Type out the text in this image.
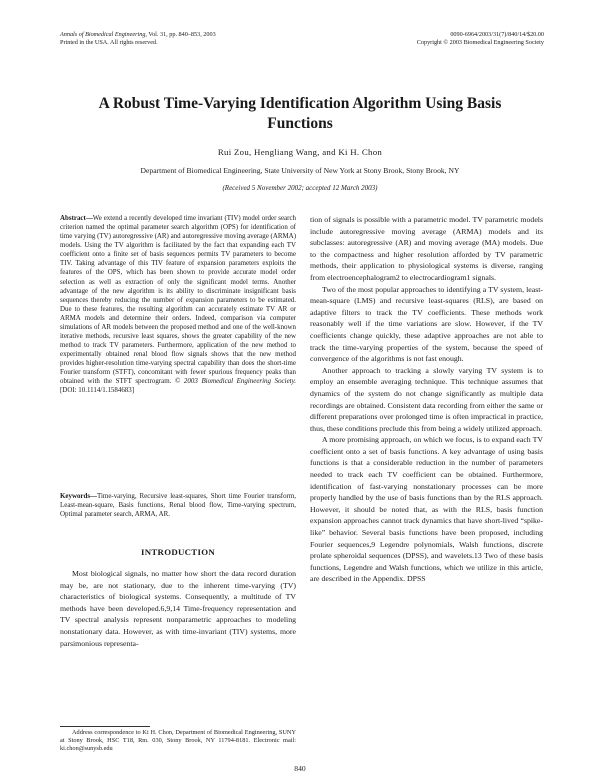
Annals of Biomedical Engineering, Vol. 31, pp. 840–853, 2003
Printed in the USA. All rights reserved.
0090-6964/2003/31(7)/840/14/$20.00
Copyright © 2003 Biomedical Engineering Society
A Robust Time-Varying Identification Algorithm Using Basis
Functions
Rui Zou, Hengliang Wang, and Ki H. Chon
Department of Biomedical Engineering, State University of New York at Stony Brook, Stony Brook, NY
(Received 5 November 2002; accepted 12 March 2003)
Abstract—We extend a recently developed time invariant (TIV) model order search criterion named the optimal parameter search algorithm (OPS) for identification of time varying (TV) autoregressive (AR) and autoregressive moving average (ARMA) models. Using the TV algorithm is facilitated by the fact that expanding each TV coefficient onto a finite set of basis sequences permits TV parameters to become TIV. Taking advantage of this TIV feature of expansion parameters exploits the features of the OPS, which has been shown to provide accurate model order selection as well as extraction of only the significant model terms. Another advantage of the new algorithm is its ability to discriminate insignificant basis sequences thereby reducing the number of expansion parameters to be estimated. Due to these features, the resulting algorithm can accurately estimate TV AR or ARMA models and determine their orders. Indeed, comparison via computer simulations of AR models between the proposed method and one of the well-known iterative methods, recursive least squares, shows the greater capability of the new method to track TV parameters. Furthermore, application of the new method to experimentally obtained renal blood flow signals shows that the new method provides higher-resolution time-varying spectral capability than does the short-time Fourier transform (STFT), concomitant with fewer spurious frequency peaks than obtained with the STFT spectrogram. © 2003 Biomedical Engineering Society. [DOI: 10.1114/1.1584683]
Keywords—Time-varying, Recursive least-squares, Short time Fourier transform, Least-mean-square, Basis functions, Renal blood flow, Time-varying spectrum, Optimal parameter search, ARMA, AR.
INTRODUCTION

Most biological signals, no matter how short the data record duration may be, are not stationary, due to the inherent time-varying (TV) characteristics of biological systems. Consequently, a multitude of TV methods have been developed.6,9,14 Time-frequency representation and TV spectral analysis represent nonparametric approaches to modeling nonstationary data. However, as with time-invariant (TIV) systems, more parsimonious representa-

Address correspondence to Ki H. Chon, Department of Biomedical Engineering, SUNY at Stony Brook, HSC T18, Rm. 030, Stony Brook, NY 11794-8181. Electronic mail: ki.chon@sunysb.edu

tion of signals is possible with a parametric model. TV parametric models include autoregressive moving average (ARMA) models and its subclasses: autoregressive (AR) and moving average (MA) models. Due to the compactness and higher resolution afforded by TV parametric methods, their application to physiological systems is diverse, ranging from electroencephalogram2 to electrocardiogram1 signals.

Two of the most popular approaches to identifying a TV system, least-mean-square (LMS) and recursive least-squares (RLS), are based on adaptive filters to track the TV coefficients. These methods work reasonably well if the time variations are slow. However, if the TV coefficients change quickly, these adaptive approaches are not able to track the time-varying properties of the system, because the speed of convergence of the algorithms is not fast enough.

Another approach to tracking a slowly varying TV system is to employ an ensemble averaging technique. This technique assumes that dynamics of the system do not change significantly as multiple data recordings are obtained. Consistent data recording from either the same or different preparations over prolonged time is often impractical in practice, thus, these conditions preclude this from being a widely utilized approach.

A more promising approach, on which we focus, is to expand each TV coefficient onto a set of basis functions. A key advantage of using basis functions is that a considerable reduction in the number of parameters needed to track each TV coefficient can be obtained. Furthermore, identification of fast-varying nonstationary processes can be more properly handled by the use of basis functions than by the RLS approach. However, it should be noted that, as with the RLS, basis function expansion approaches cannot track dynamics that have short-lived “spike-like” behavior. Several basis functions have been proposed, including Fourier sequences,9 Legendre polynomials, Walsh functions, discrete prolate spheroidal sequences (DPSS), and wavelets.13 Two of these basis functions, Legendre and Walsh functions, which we utilize in this article, are described in the Appendix. DPSS

840
